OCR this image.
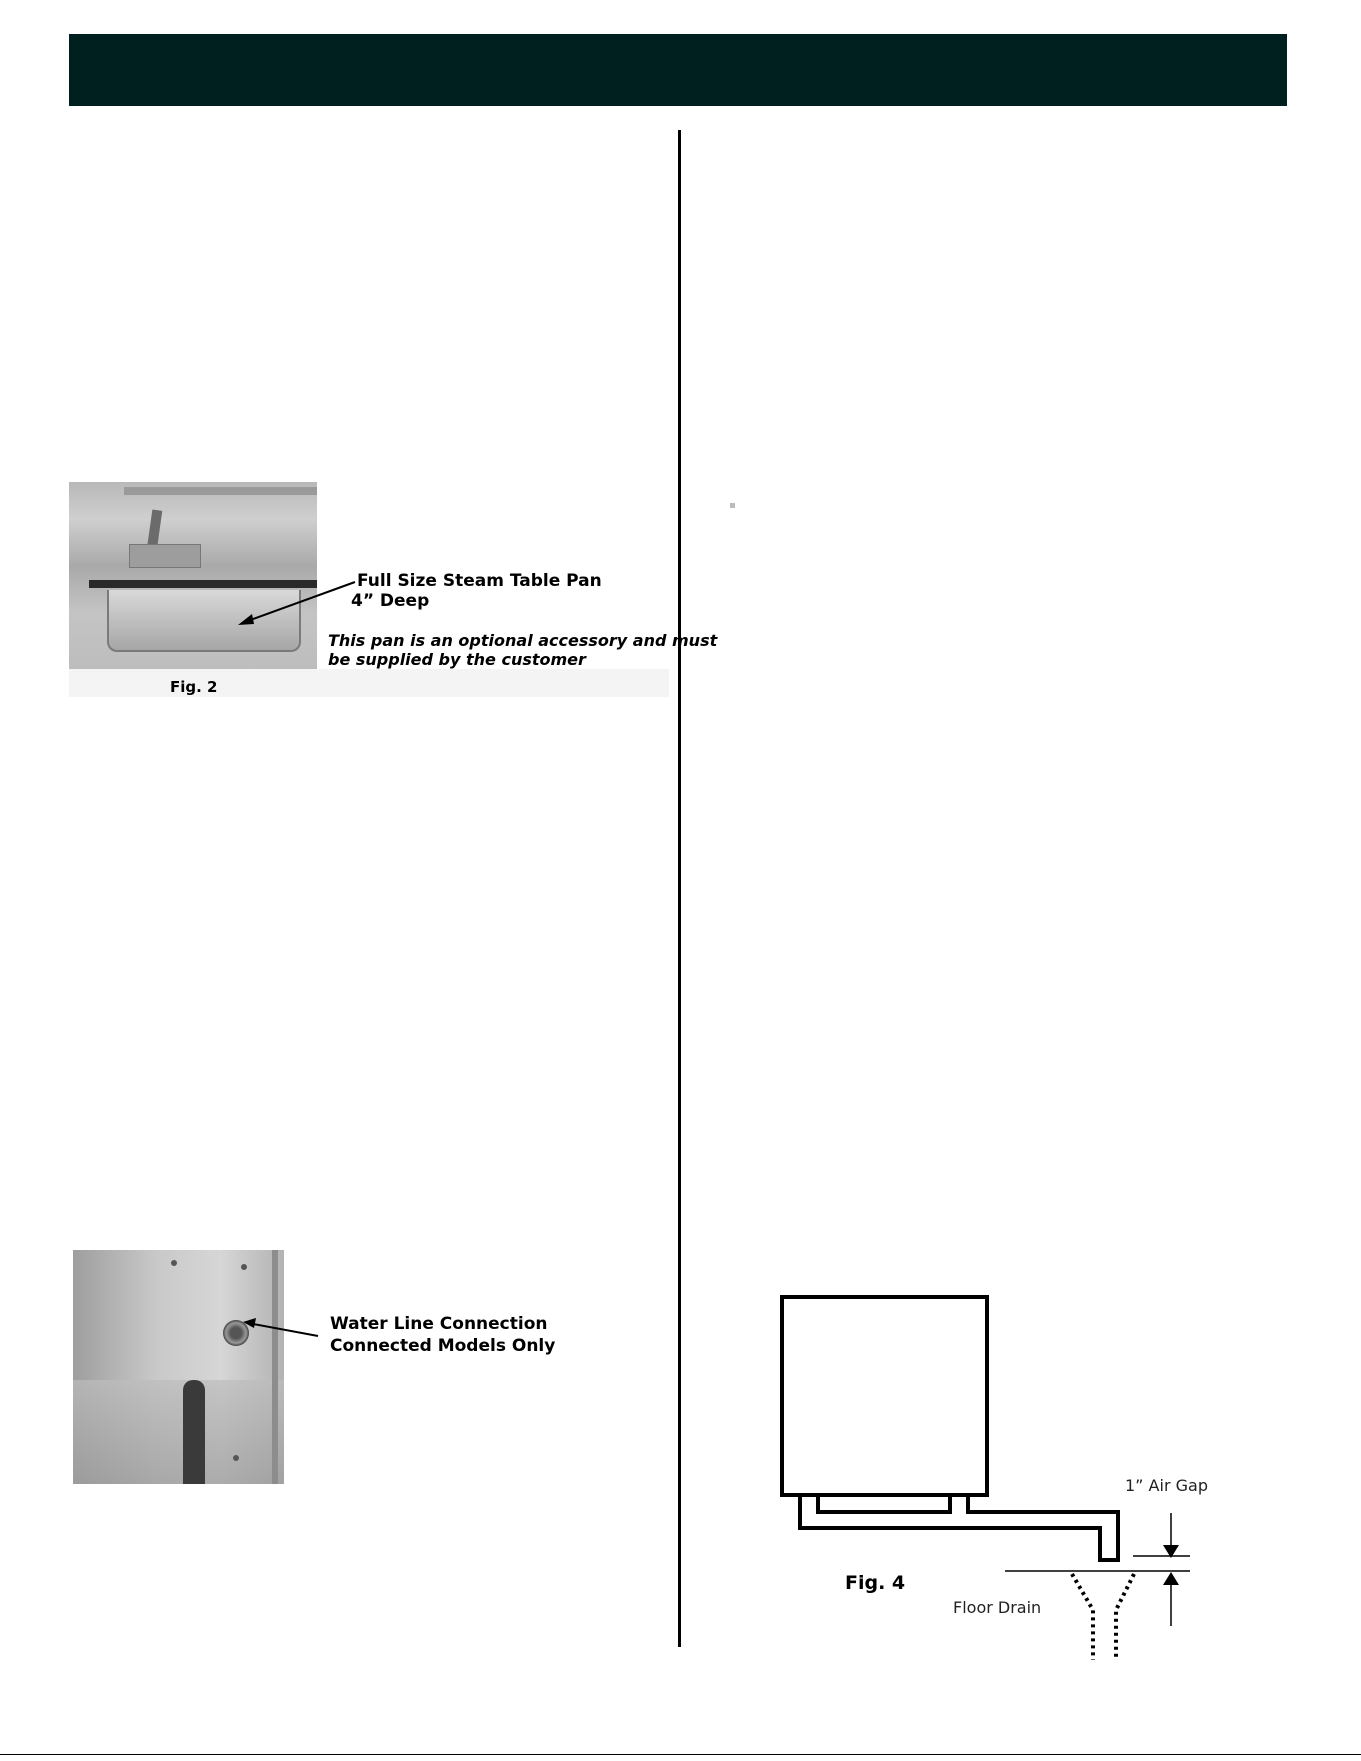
Full Size Steam Table Pan
4” Deep
This pan is an optional accessory and must
be supplied by the customer
Fig. 2
Water Line Connection
Connected Models Only
1” Air Gap
Floor Drain
Fig. 4
